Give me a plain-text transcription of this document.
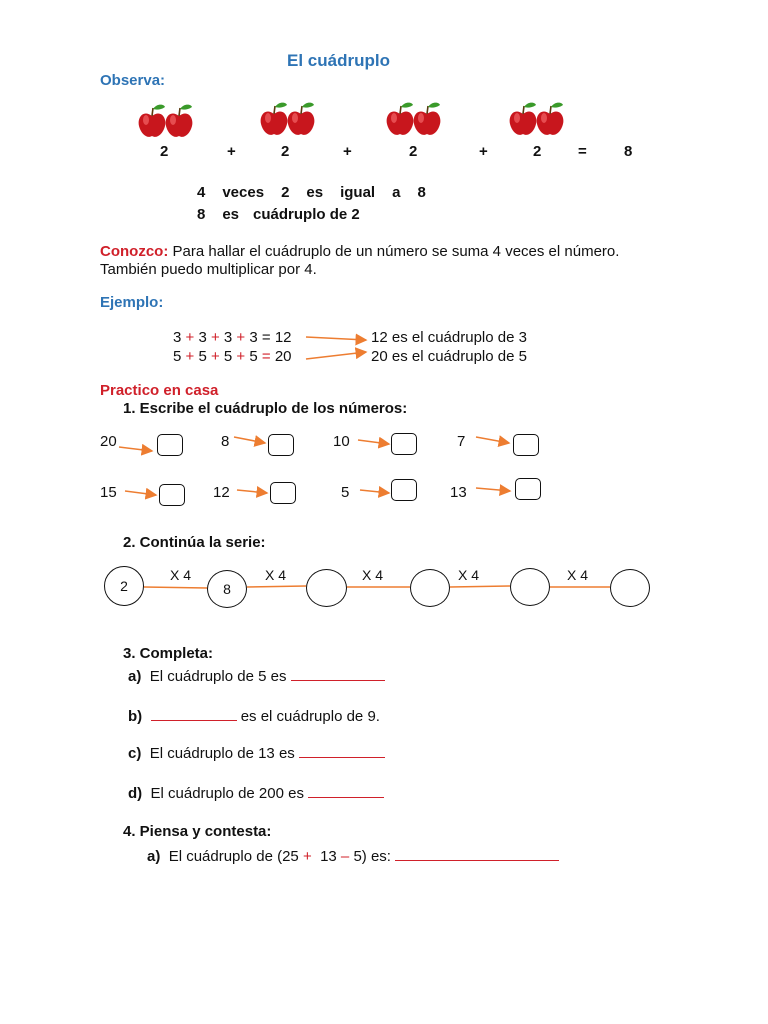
El cuádruplo
Observa:
2	+	2	+	2	+	2 = 8
4 veces 2 es igual a 8
8 es cuádruplo de 2
Conozco: Para hallar el cuádruplo de un número se suma 4 veces el número.
También puedo multiplicar por 4.
Ejemplo:
3 + 3 + 3 + 3 = 12	12 es el cuádruplo de 3
5 + 5 + 5 + 5 = 20	20 es el cuádruplo de 5
Practico en casa
1. Escribe el cuádruplo de los números:
20	8	10	7
15	12	5	13
2. Continúa la serie:
2	8
X 4	X 4	X 4	X 4	X 4
3. Completa:
a) El cuádruplo de 5 es
b)	es el cuádruplo de 9.
c) El cuádruplo de 13 es
d) El cuádruplo de 200 es
4. Piensa y contesta:
a) El cuádruplo de (25 + 13 – 5) es:
